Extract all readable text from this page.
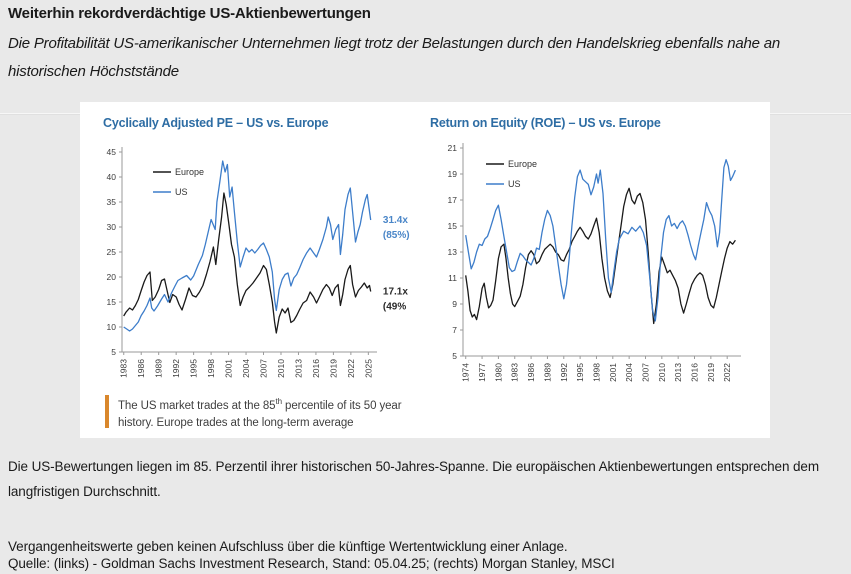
Weiterhin rekordverdächtige US-Aktienbewertungen
Die Profitabilität US-amerikanischer Unternehmen liegt trotz der Belastungen durch den Handelskrieg ebenfalls nahe an historischen Höchststände
Cyclically Adjusted PE – US vs. Europe	Return on Equity (ROE) – US vs. Europe
5
10
15
20
25
30
35
40
45
1983 1986 1989 1992 1995 1998 2001 2004 2007 2010 2013 2016 2019 2022 2025
Europe
US
31.4x
(85%)
17.1x
(49%
5
7
9
11
13
15
17
19
21
1974 1977 1980 1983 1986 1989 1992 1995 1998 2001 2004 2007 2010 2013 2016 2019 2022
Europe
US
The US market trades at the 85th percentile of its 50 year history. Europe trades at the long-term average
Die US-Bewertungen liegen im 85. Perzentil ihrer historischen 50-Jahres-Spanne. Die europäischen Aktienbewertungen entsprechen dem langfristigen Durchschnitt.
Vergangenheitswerte geben keinen Aufschluss über die künftige Wertentwicklung einer Anlage.
Quelle: (links) - Goldman Sachs Investment Research, Stand: 05.04.25; (rechts) Morgan Stanley, MSCI
